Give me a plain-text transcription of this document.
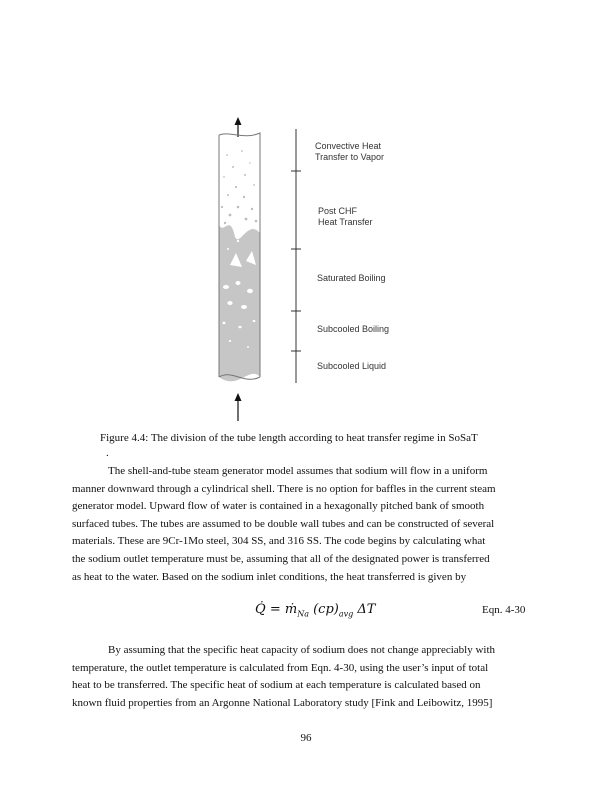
Convective Heat
Transfer to Vapor
Post CHF
Heat Transfer
Saturated Boiling
Subcooled Boiling
Subcooled Liquid
Figure 4.4: The division of the tube length according to heat transfer regime in SoSaT
.

The shell-and-tube steam generator model assumes that sodium will flow in a uniform
manner downward through a cylindrical shell. There is no option for baffles in the current steam
generator model. Upward flow of water is contained in a hexagonally pitched bank of smooth
surfaced tubes. The tubes are assumed to be double wall tubes and can be constructed of several
materials. These are 9Cr-1Mo steel, 304 SS, and 316 SS. The code begins by calculating what
the sodium outlet temperature must be, assuming that all of the designated power is transferred
as heat to the water. Based on the sodium inlet conditions, the heat transferred is given by

Q̇ = ṁ$_{Na}$ $(cp)_{avg}$ ΔT	Eqn. 4-30

By assuming that the specific heat capacity of sodium does not change appreciably with
temperature, the outlet temperature is calculated from Eqn. 4-30, using the user’s input of total
heat to be transferred. The specific heat of sodium at each temperature is calculated based on
known fluid properties from an Argonne National Laboratory study [Fink and Leibowitz, 1995]

96
